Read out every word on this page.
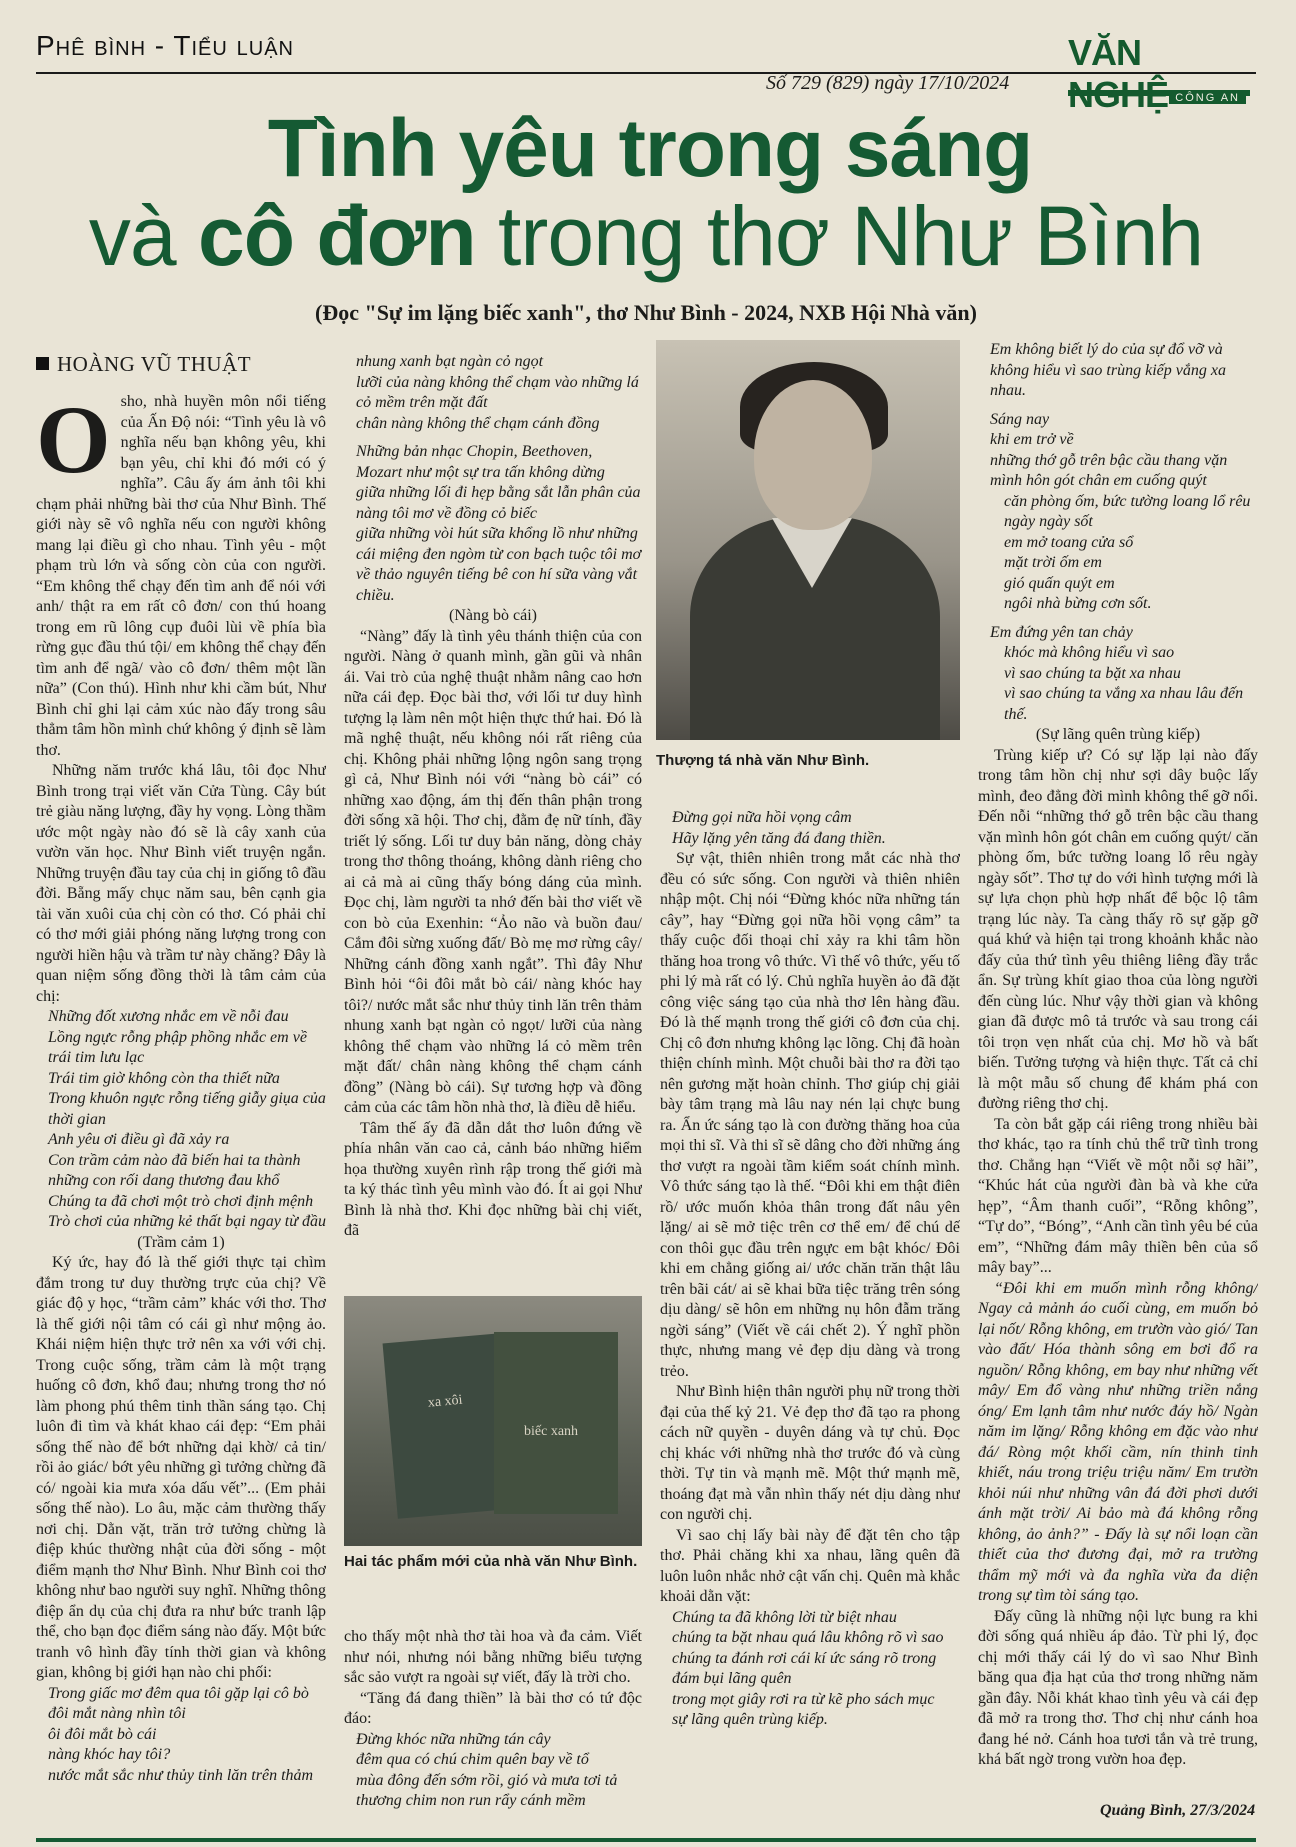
Phê bình - Tiểu luận	VĂN NGHỆ CÔNG AN
Số 729 (829) ngày 17/10/2024
Tình yêu trong sáng
và cô đơn trong thơ Như Bình
(Đọc "Sự im lặng biếc xanh", thơ Như Bình - 2024, NXB Hội Nhà văn)
HOÀNG VŨ THUẬT

Osho, nhà huyền môn nổi tiếng của Ấn Độ nói: “Tình yêu là vô nghĩa nếu bạn không yêu, khi bạn yêu, chỉ khi đó mới có ý nghĩa”. Câu ấy ám ảnh tôi khi chạm phải những bài thơ của Như Bình. Thế giới này sẽ vô nghĩa nếu con người không mang lại điều gì cho nhau. Tình yêu - một phạm trù lớn và sống còn của con người. “Em không thể chạy đến tìm anh để nói với anh/ thật ra em rất cô đơn/ con thú hoang trong em rũ lông cụp đuôi lùi về phía bìa rừng gục đầu thú tội/ em không thể chạy đến tìm anh để ngã/ vào cô đơn/ thêm một lần nữa” (Con thú). Hình như khi cầm bút, Như Bình chỉ ghi lại cảm xúc nào đấy trong sâu thẳm tâm hồn mình chứ không ý định sẽ làm thơ.

Những năm trước khá lâu, tôi đọc Như Bình trong trại viết văn Cửa Tùng. Cây bút trẻ giàu năng lượng, đầy hy vọng. Lòng thầm ước một ngày nào đó sẽ là cây xanh của vườn văn học. Như Bình viết truyện ngắn. Những truyện đầu tay của chị in giống tô đầu đời. Bẵng mấy chục năm sau, bên cạnh gia tài văn xuôi của chị còn có thơ. Có phải chỉ có thơ mới giải phóng năng lượng trong con người hiền hậu và trầm tư này chăng? Đây là quan niệm sống đồng thời là tâm cảm của chị:

Những đốt xương nhắc em về nỗi đau

Lồng ngực rỗng phập phồng nhắc em về trái tim lưu lạc

Trái tim giờ không còn tha thiết nữa

Trong khuôn ngực rỗng tiếng giẫy giụa của thời gian

Anh yêu ơi điều gì đã xảy ra

Con trầm cảm nào đã biến hai ta thành những con rối dang thương đau khổ

Chúng ta đã chơi một trò chơi định mệnh

Trò chơi của những kẻ thất bại ngay từ đầu

(Trầm cảm 1)

Ký ức, hay đó là thế giới thực tại chìm đắm trong tư duy thường trực của chị? Về giác độ y học, “trầm cảm” khác với thơ. Thơ là thế giới nội tâm có cái gì như mộng ảo. Khái niệm hiện thực trở nên xa với với chị. Trong cuộc sống, trầm cảm là một trạng huống cô đơn, khổ đau; nhưng trong thơ nó làm phong phú thêm tinh thần sáng tạo. Chị luôn đi tìm và khát khao cái đẹp: “Em phải sống thế nào để bớt những dại khờ/ cả tin/ rồi ảo giác/ bớt yêu những gì tưởng chừng đã có/ ngoài kia mưa xóa dấu vết”... (Em phải sống thế nào). Lo âu, mặc cảm thường thấy nơi chị. Dằn vặt, trăn trở tưởng chừng là điệp khúc thường nhật của đời sống - một điểm mạnh thơ Như Bình. Như Bình coi thơ không như bao người suy nghĩ. Những thông điệp ẩn dụ của chị đưa ra như bức tranh lập thể, cho bạn đọc điểm sáng nào đấy. Một bức tranh vô hình đầy tính thời gian và không gian, không bị giới hạn nào chi phối:

Trong giấc mơ đêm qua tôi gặp lại cô bò

đôi mắt nàng nhìn tôi

ôi đôi mắt bò cái

nàng khóc hay tôi?

nước mắt sắc như thủy tinh lăn trên thảm

nhung xanh bạt ngàn cỏ ngọt

lưỡi của nàng không thể chạm vào những lá cỏ mềm trên mặt đất

chân nàng không thể chạm cánh đồng

Những bản nhạc Chopin, Beethoven, Mozart như một sự tra tấn không dừng

giữa những lối đi hẹp bằng sắt lẫn phân của nàng tôi mơ về đồng cỏ biếc

giữa những vòi hút sữa khổng lồ như những cái miệng đen ngòm từ con bạch tuộc tôi mơ về thảo nguyên tiếng bê con hí sữa vàng vắt chiều.

(Nàng bò cái)

“Nàng” đấy là tình yêu thánh thiện của con người. Nàng ở quanh mình, gần gũi và nhân ái. Vai trò của nghệ thuật nhằm nâng cao hơn nữa cái đẹp. Đọc bài thơ, với lối tư duy hình tượng lạ làm nên một hiện thực thứ hai. Đó là mã nghệ thuật, nếu không nói rất riêng của chị. Không phải những lộng ngôn sang trọng gì cả, Như Bình nói với “nàng bò cái” có những xao động, ám thị đến thân phận trong đời sống xã hội. Thơ chị, đằm đẹ nữ tính, đầy triết lý sống. Lối tư duy bản năng, dòng chảy trong thơ thông thoáng, không dành riêng cho ai cả mà ai cũng thấy bóng dáng của mình. Đọc chị, làm người ta nhớ đến bài thơ viết về con bò của Exenhin: “Ảo não và buồn đau/ Cắm đôi sừng xuống đất/ Bò mẹ mơ rừng cây/ Những cánh đồng xanh ngắt”. Thì đây Như Bình hỏi “ôi đôi mắt bò cái/ nàng khóc hay tôi?/ nước mắt sắc như thủy tinh lăn trên thảm nhung xanh bạt ngàn cỏ ngọt/ lưỡi của nàng không thể chạm vào những lá cỏ mềm trên mặt đất/ chân nàng không thể chạm cánh đồng” (Nàng bò cái). Sự tương hợp và đồng cảm của các tâm hồn nhà thơ, là điều dễ hiểu.

Tâm thế ấy đã dẫn dắt thơ luôn đứng về phía nhân văn cao cả, cảnh báo những hiểm họa thường xuyên rình rập trong thế giới mà ta ký thác tình yêu mình vào đó. Ít ai gọi Như Bình là nhà thơ. Khi đọc những bài chị viết, đã

xa xôi
biếc xanh
Hai tác phẩm mới của nhà văn Như Bình.

cho thấy một nhà thơ tài hoa và đa cảm. Viết như nói, nhưng nói bằng những biểu tượng sắc sảo vượt ra ngoài sự viết, đấy là trời cho.

“Tăng đá đang thiền” là bài thơ có tứ độc đáo:

Đừng khóc nữa những tán cây

đêm qua có chú chim quên bay về tổ

mùa đông đến sớm rồi, gió và mưa tơi tả

thương chim non run rẩy cánh mềm

Thượng tá nhà văn Như Bình.

Đừng gọi nữa hồi vọng câm

Hãy lặng yên tăng đá đang thiền.

Sự vật, thiên nhiên trong mắt các nhà thơ đều có sức sống. Con người và thiên nhiên nhập một. Chị nói “Đừng khóc nữa những tán cây”, hay “Đừng gọi nữa hồi vọng câm” ta thấy cuộc đối thoại chỉ xảy ra khi tâm hồn thăng hoa trong vô thức. Vì thế vô thức, yếu tố phi lý mà rất có lý. Chủ nghĩa huyền ảo đã đặt công việc sáng tạo của nhà thơ lên hàng đầu. Đó là thế mạnh trong thế giới cô đơn của chị. Chị cô đơn nhưng không lạc lõng. Chị đã hoàn thiện chính mình. Một chuỗi bài thơ ra đời tạo nên gương mặt hoàn chỉnh. Thơ giúp chị giải bày tâm trạng mà lâu nay nén lại chực bung ra. Ẩn ức sáng tạo là con đường thăng hoa của mọi thi sĩ. Và thi sĩ sẽ dâng cho đời những áng thơ vượt ra ngoài tầm kiểm soát chính mình. Vô thức sáng tạo là thế. “Đôi khi em thật điên rồ/ ước muốn khỏa thân trong đất nâu yên lặng/ ai sẽ mở tiệc trên cơ thể em/ để chú dế con thôi gục đầu trên ngực em bật khóc/ Đôi khi em chẳng giống ai/ ước chăn trăn thật lâu trên bãi cát/ ai sẽ khai bữa tiệc trăng trên sóng dịu dàng/ sẽ hôn em những nụ hôn đẫm trăng ngời sáng” (Viết về cái chết 2). Ý nghĩ phồn thực, nhưng mang vẻ đẹp dịu dàng và trong trẻo.

Như Bình hiện thân người phụ nữ trong thời đại của thế kỷ 21. Vẻ đẹp thơ đã tạo ra phong cách nữ quyền - duyên dáng và tự chủ. Đọc chị khác với những nhà thơ trước đó và cùng thời. Tự tin và mạnh mẽ. Một thứ mạnh mẽ, thoáng đạt mà vẫn nhìn thấy nét dịu dàng như con người chị.

Vì sao chị lấy bài này để đặt tên cho tập thơ. Phải chăng khi xa nhau, lãng quên đã luôn luôn nhắc nhở cật vấn chị. Quên mà khắc khoải dằn vặt:

Chúng ta đã không lời từ biệt nhau

chúng ta bặt nhau quá lâu không rõ vì sao

chúng ta đánh rơi cái kí ức sáng rõ trong đám bụi lãng quên

trong mọt giây rơi ra từ kẽ pho sách mục

sự lãng quên trùng kiếp.

Em không biết lý do của sự đổ vỡ và không hiểu vì sao trùng kiếp vắng xa nhau.

Sáng nay

khi em trở về

những thớ gỗ trên bậc cầu thang vặn mình hôn gót chân em cuống quýt

căn phòng ốm, bức tường loang lổ rêu ngày ngày sốt

em mở toang cửa sổ

mặt trời ốm em

gió quấn quýt em

ngôi nhà bừng cơn sốt.

Em đứng yên tan chảy

khóc mà không hiểu vì sao

vì sao chúng ta bặt xa nhau

vì sao chúng ta vắng xa nhau lâu đến thế.

(Sự lãng quên trùng kiếp)

Trùng kiếp ư? Có sự lặp lại nào đấy trong tâm hồn chị như sợi dây buộc lấy mình, đeo đẳng đời mình không thể gỡ nổi. Đến nỗi “những thớ gỗ trên bậc cầu thang vặn mình hôn gót chân em cuống quýt/ căn phòng ốm, bức tường loang lổ rêu ngày ngày sốt”. Thơ tự do với hình tượng mới là sự lựa chọn phù hợp nhất để bộc lộ tâm trạng lúc này. Ta càng thấy rõ sự gặp gỡ quá khứ và hiện tại trong khoảnh khắc nào đấy của thứ tình yêu thiêng liêng đầy trắc ẩn. Sự trùng khít giao thoa của lòng người đến cùng lúc. Như vậy thời gian và không gian đã được mô tả trước và sau trong cái tôi trọn vẹn nhất của chị. Mơ hồ và bất biến. Tưởng tượng và hiện thực. Tất cả chỉ là một mẫu số chung để khám phá con đường riêng thơ chị.

Ta còn bắt gặp cái riêng trong nhiều bài thơ khác, tạo ra tính chủ thể trữ tình trong thơ. Chẳng hạn “Viết về một nỗi sợ hãi”, “Khúc hát của người đàn bà và khe cửa hẹp”, “Âm thanh cuối”, “Rỗng không”, “Tự do”, “Bóng”, “Anh cần tình yêu bé của em”, “Những đám mây thiền bên của sổ mây bay”...

“Đôi khi em muốn mình rỗng không/ Ngay cả mảnh áo cuối cùng, em muốn bỏ lại nốt/ Rỗng không, em trườn vào gió/ Tan vào đất/ Hóa thành sông em bơi đổ ra nguồn/ Rỗng không, em bay như những vết mây/ Em đổ vàng như những triền nắng óng/ Em lạnh tâm như nước đáy hồ/ Ngàn năm im lặng/ Rỗng không em đặc vào như đá/ Ròng một khối cầm, nín thinh tinh khiết, náu trong triệu triệu năm/ Em trườn khỏi núi như những vân đá đời phơi dưới ánh mặt trời/ Ai bảo mà đá không rỗng không, ảo ảnh?” - Đấy là sự nổi loạn cần thiết của thơ đương đại, mở ra trường thẩm mỹ mới và đa nghĩa vừa đa diện trong sự tìm tòi sáng tạo.

Đấy cũng là những nội lực bung ra khi đời sống quá nhiều áp đảo. Từ phi lý, đọc chị mới thấy cái lý do vì sao Như Bình băng qua địa hạt của thơ trong những năm gần đây. Nỗi khát khao tình yêu và cái đẹp đã mở ra trong thơ. Thơ chị như cánh hoa đang hé nở. Cánh hoa tươi tắn và trẻ trung, khá bất ngờ trong vườn hoa đẹp.

Quảng Bình, 27/3/2024
